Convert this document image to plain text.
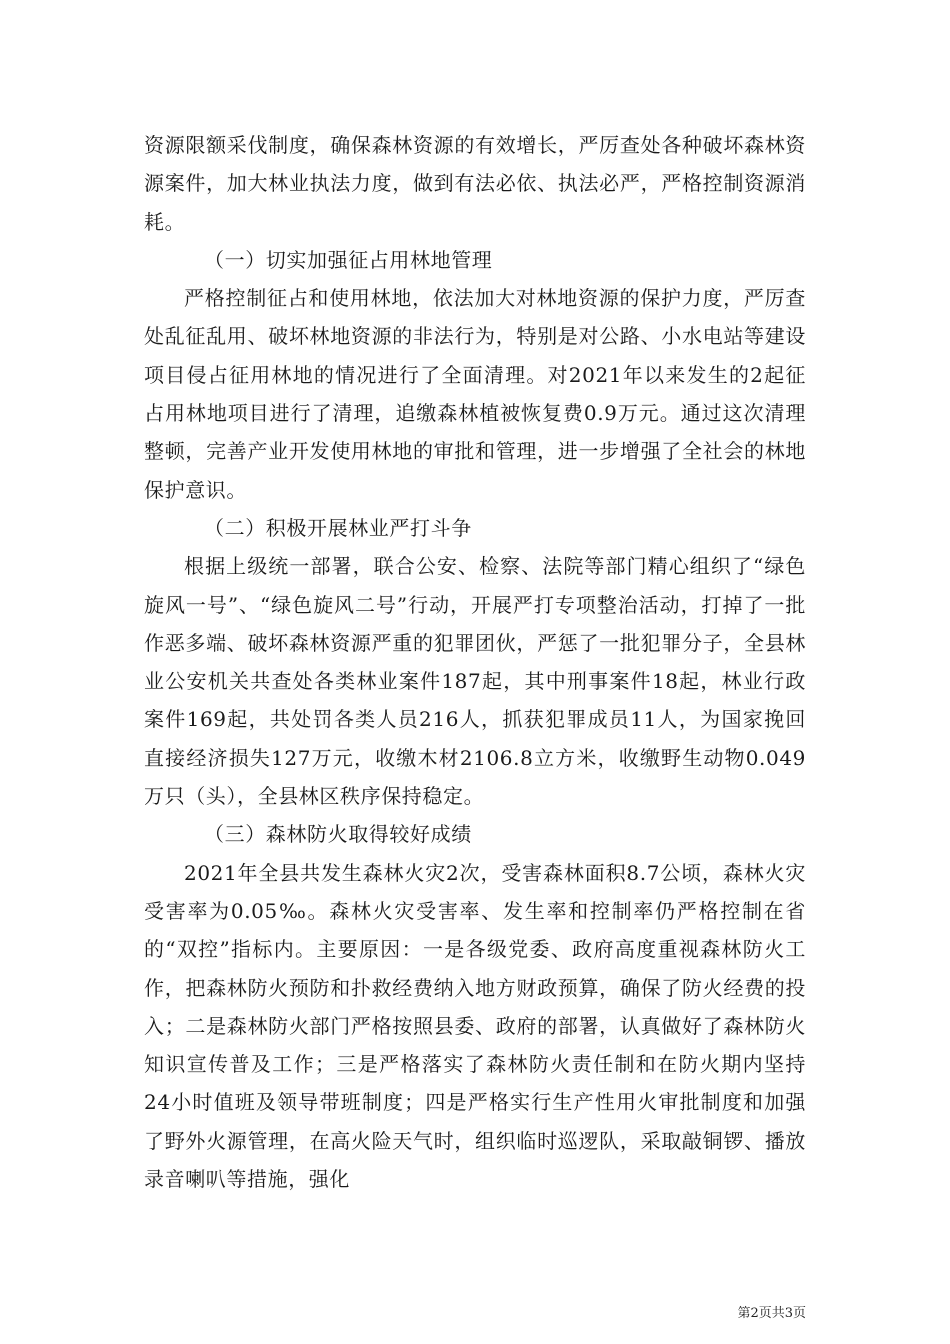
资源限额采伐制度，确保森林资源的有效增长，严厉查处各种破坏森林资源案件，加大林业执法力度，做到有法必依、执法必严，严格控制资源消耗。

（一）切实加强征占用林地管理

严格控制征占和使用林地，依法加大对林地资源的保护力度，严厉查处乱征乱用、破坏林地资源的非法行为，特别是对公路、小水电站等建设项目侵占征用林地的情况进行了全面清理。对2021年以来发生的2起征占用林地项目进行了清理，追缴森林植被恢复费0.9万元。通过这次清理整顿，完善产业开发使用林地的审批和管理，进一步增强了全社会的林地保护意识。

（二）积极开展林业严打斗争

根据上级统一部署，联合公安、检察、法院等部门精心组织了“绿色旋风一号”、“绿色旋风二号”行动，开展严打专项整治活动，打掉了一批作恶多端、破坏森林资源严重的犯罪团伙，严惩了一批犯罪分子，全县林业公安机关共查处各类林业案件187起，其中刑事案件18起，林业行政案件169起，共处罚各类人员216人，抓获犯罪成员11人，为国家挽回直接经济损失127万元，收缴木材2106.8立方米，收缴野生动物0.049万只（头），全县林区秩序保持稳定。

（三）森林防火取得较好成绩

2021年全县共发生森林火灾2次，受害森林面积8.7公顷，森林火灾受害率为0.05‰。森林火灾受害率、发生率和控制率仍严格控制在省的“双控”指标内。主要原因：一是各级党委、政府高度重视森林防火工作，把森林防火预防和扑救经费纳入地方财政预算，确保了防火经费的投入；二是森林防火部门严格按照县委、政府的部署，认真做好了森林防火知识宣传普及工作；三是严格落实了森林防火责任制和在防火期内坚持24小时值班及领导带班制度；四是严格实行生产性用火审批制度和加强了野外火源管理，在高火险天气时，组织临时巡逻队，采取敲铜锣、播放录音喇叭等措施，强化

第2页共3页
